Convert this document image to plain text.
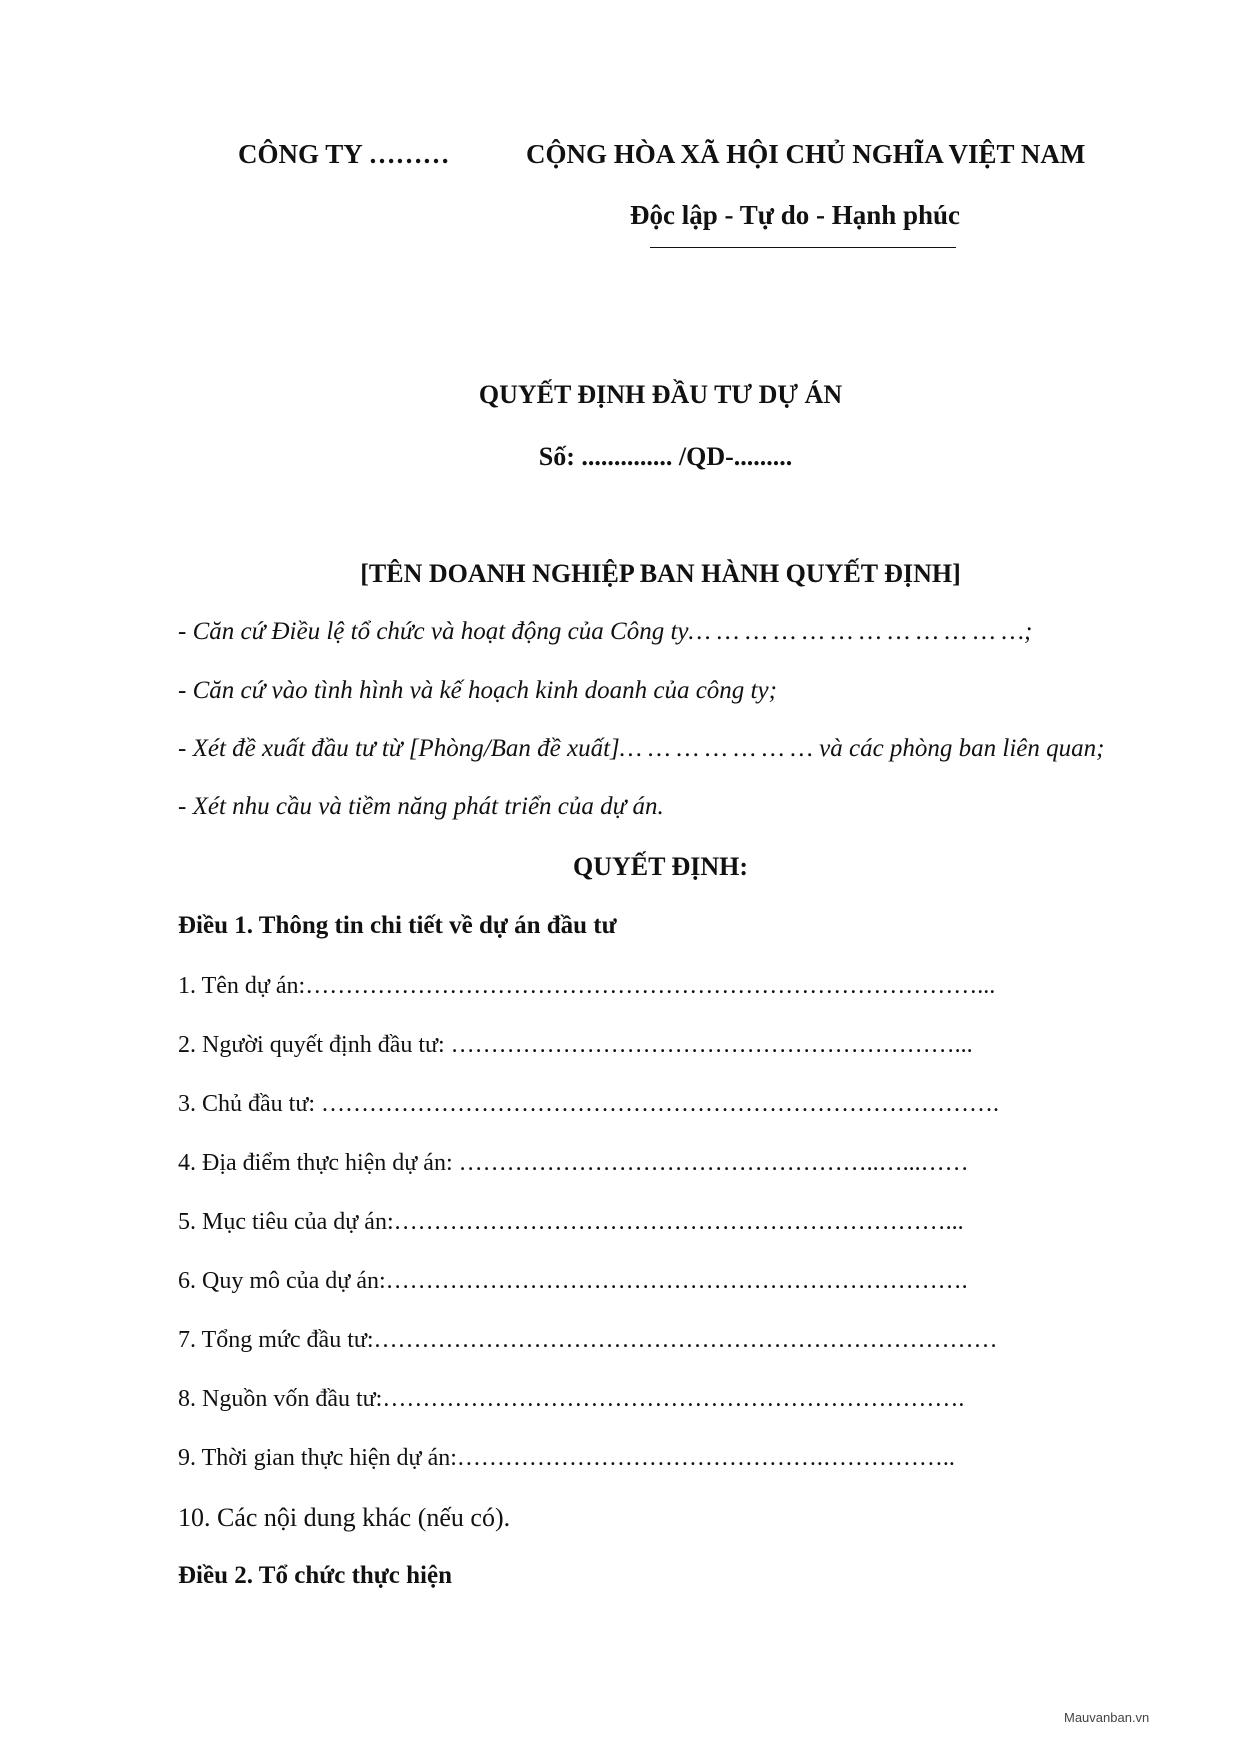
CÔNG TY ………	CỘNG HÒA XÃ HỘI CHỦ NGHĨA VIỆT NAM
Độc lập - Tự do - Hạnh phúc
QUYẾT ĐỊNH ĐẦU TƯ DỰ ÁN
Số: .............. /QD-.........
[TÊN DOANH NGHIỆP BAN HÀNH QUYẾT ĐỊNH]
- Căn cứ Điều lệ tổ chức và hoạt động của Công ty… … … … … … … … … … … …;
- Căn cứ vào tình hình và kế hoạch kinh doanh của công ty;
- Xét đề xuất đầu tư từ [Phòng/Ban đề xuất]… … … … … … … và các phòng ban liên quan;
- Xét nhu cầu và tiềm năng phát triển của dự án.
QUYẾT ĐỊNH:
Điều 1. Thông tin chi tiết về dự án đầu tư
1. Tên dự án:…………………………………………………………………………...
2. Người quyết định đầu tư: ………………………………………………………...
3. Chủ đầu tư: ………………………………………………………………………….
4. Địa điểm thực hiện dự án: ……………………………………………..…...……
5. Mục tiêu của dự án:……………………………………………………………...
6. Quy mô của dự án:……………………………………………………………….
7. Tổng mức đầu tư:……………………………………………………………………
8. Nguồn vốn đầu tư:……………………………………………………………….
9. Thời gian thực hiện dự án:……………………………………….……………..
10. Các nội dung khác (nếu có).
Điều 2. Tổ chức thực hiện
Mauvanban.vn
